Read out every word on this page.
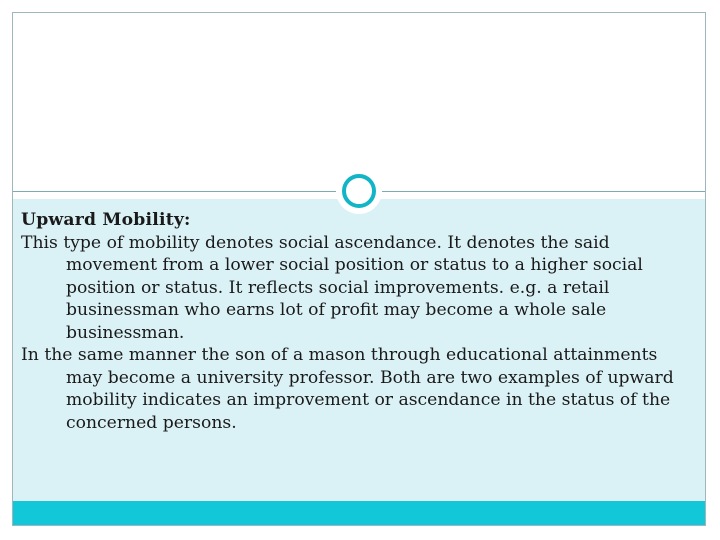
Upward Mobility:

This type of mobility denotes social ascendance. It denotes the said movement from a lower social position or status to a higher social position or status. It reflects social improvements. e.g. a retail businessman who earns lot of profit may become a whole sale businessman.

In the same manner the son of a mason through educational attainments may become a university professor. Both are two examples of upward mobility indicates an improvement or ascendance in the status of the concerned persons.
